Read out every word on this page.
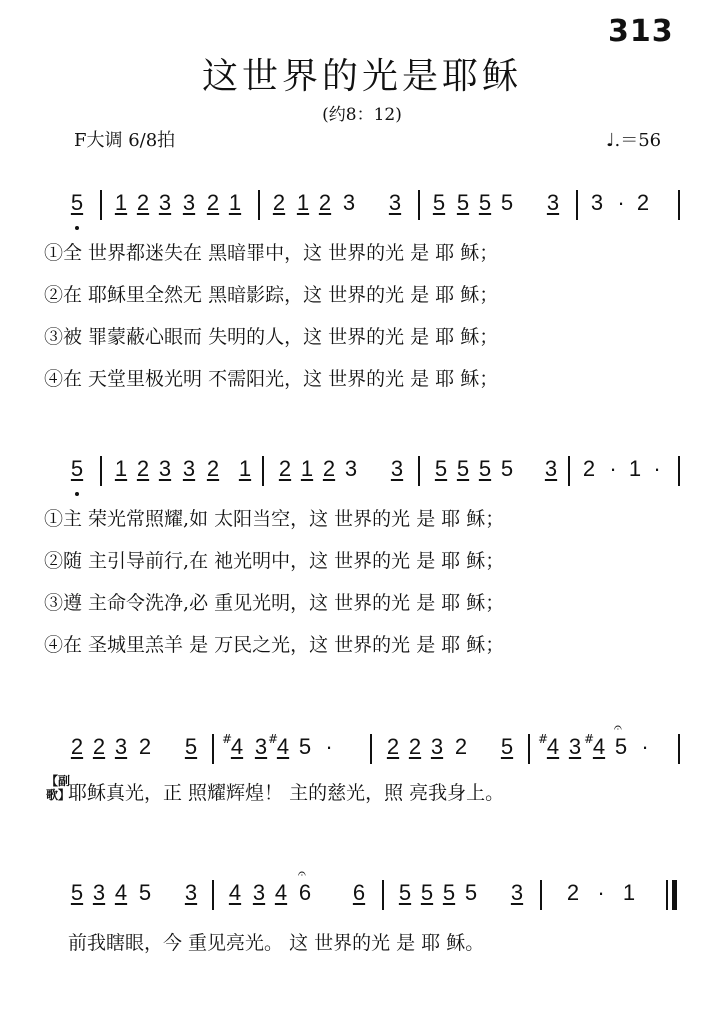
313
这世界的光是耶稣
(约8：12)
F大调 6/8拍	♩.＝56
5 1 2 3 3 2 1 2 1 2 3 3 5 5 5 5 3 3 · 2
①全 世界都迷失在 黑暗罪中，这 世界的光 是 耶 稣；
②在 耶稣里全然无 黑暗影踪，这 世界的光 是 耶 稣；
③被 罪蒙蔽心眼而 失明的人，这 世界的光 是 耶 稣；
④在 天堂里极光明 不需阳光，这 世界的光 是 耶 稣；
5 1 2 3 3 2 1 2 1 2 3 3 5 5 5 5 3 2 · 1 ·
①主 荣光常照耀,如 太阳当空，这 世界的光 是 耶 稣；
②随 主引导前行,在 祂光明中，这 世界的光 是 耶 稣；
③遵 主命令洗净,必 重见光明，这 世界的光 是 耶 稣；
④在 圣城里羔羊 是 万民之光，这 世界的光 是 耶 稣；
2 2 3 2 5 #
4 3 #
4 5 · 2 2 3 2 5 #
4 3 #
4 5
𝄐
·
【副歌】
耶稣真光，正 照耀辉煌！ 主的慈光，照 亮我身上。
5 3 4 5 3 4 3 4 6
𝄐
6 5 5 5 5 3 2 · 1
前我瞎眼，今 重见亮光。 这 世界的光 是 耶 稣。
